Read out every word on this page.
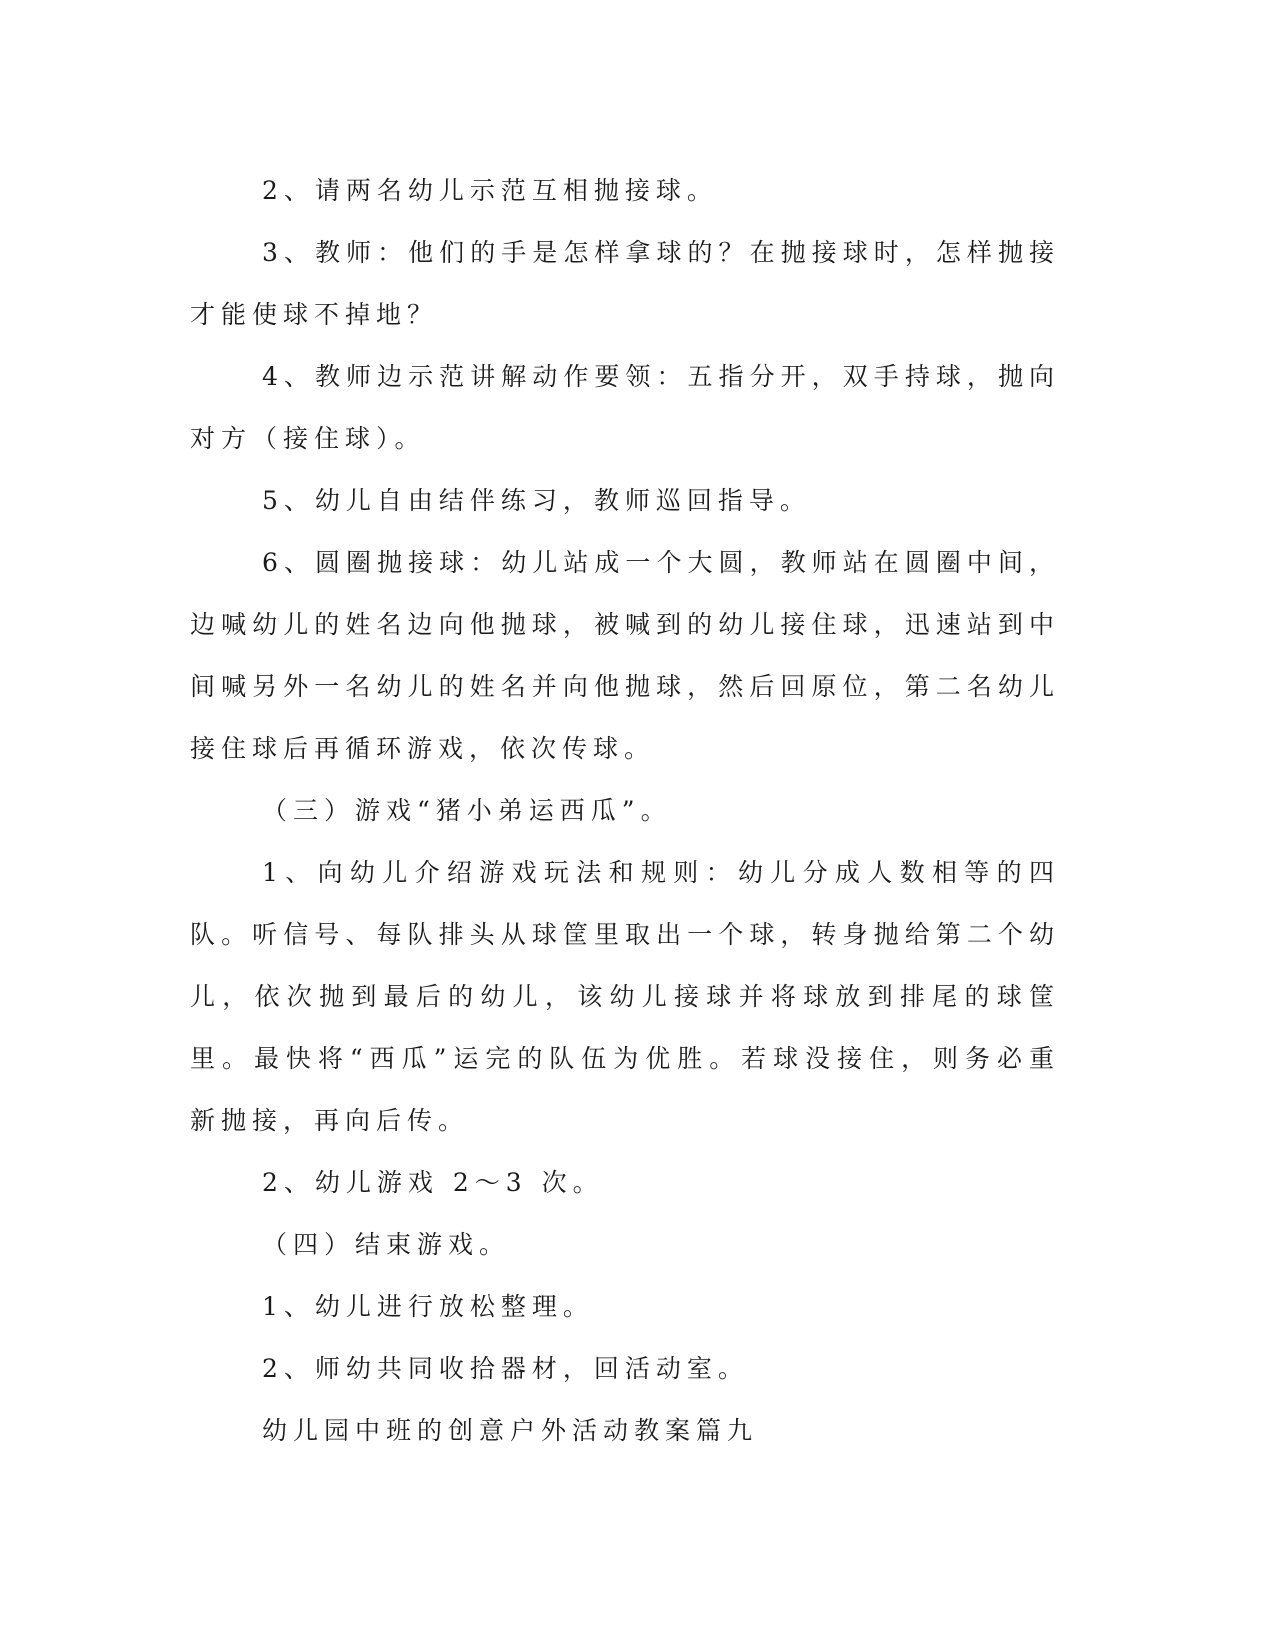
2、请两名幼儿示范互相抛接球。

3、教师：他们的手是怎样拿球的？在抛接球时，怎样抛接才能使球不掉地？

4、教师边示范讲解动作要领：五指分开，双手持球，抛向对方（接住球）。

5、幼儿自由结伴练习，教师巡回指导。

6、圆圈抛接球：幼儿站成一个大圆，教师站在圆圈中间，边喊幼儿的姓名边向他抛球，被喊到的幼儿接住球，迅速站到中间喊另外一名幼儿的姓名并向他抛球，然后回原位，第二名幼儿接住球后再循环游戏，依次传球。

（三）游戏“猪小弟运西瓜”。

1、向幼儿介绍游戏玩法和规则：幼儿分成人数相等的四队。听信号、每队排头从球筐里取出一个球，转身抛给第二个幼儿，依次抛到最后的幼儿，该幼儿接球并将球放到排尾的球筐里。最快将“西瓜”运完的队伍为优胜。若球没接住，则务必重新抛接，再向后传。

2、幼儿游戏 2～3 次。

（四）结束游戏。

1、幼儿进行放松整理。

2、师幼共同收拾器材，回活动室。

幼儿园中班的创意户外活动教案篇九
